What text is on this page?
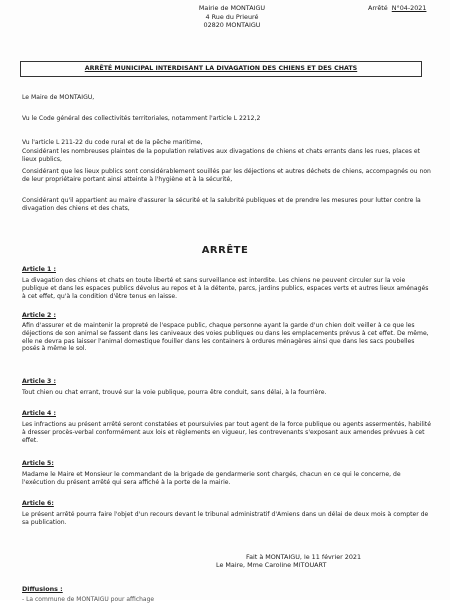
Mairie de MONTAIGU
4 Rue du Prieuré
02820 MONTAIGU
Arrêté N°04-2021
ARRÊTÉ MUNICIPAL INTERDISANT LA DIVAGATION DES CHIENS ET DES CHATS
Le Maire de MONTAIGU,
Vu le Code général des collectivités territoriales, notamment l'article L 2212,2
Vu l'article L 211-22 du code rural et de la pêche maritime,
Considérant les nombreuses plaintes de la population relatives aux divagations de chiens et chats errants dans les rues, places et lieux publics,
Considérant que les lieux publics sont considérablement souillés par les déjections et autres déchets de chiens, accompagnés ou non de leur propriétaire portant ainsi atteinte à l'hygiène et à la sécurité,
Considérant qu'il appartient au maire d'assurer la sécurité et la salubrité publiques et de prendre les mesures pour lutter contre la divagation des chiens et des chats,
ARRÊTE
Article 1 :
La divagation des chiens et chats en toute liberté et sans surveillance est interdite. Les chiens ne peuvent circuler sur la voie publique et dans les espaces publics dévolus au repos et à la détente, parcs, jardins publics, espaces verts et autres lieux aménagés à cet effet, qu'à la condition d'être tenus en laisse.
Article 2 :
Afin d'assurer et de maintenir la propreté de l'espace public, chaque personne ayant la garde d'un chien doit veiller à ce que les déjections de son animal se fassent dans les caniveaux des voies publiques ou dans les emplacements prévus à cet effet. De même, elle ne devra pas laisser l'animal domestique fouiller dans les containers à ordures ménagères ainsi que dans les sacs poubelles posés à même le sol.
Article 3 :
Tout chien ou chat errant, trouvé sur la voie publique, pourra être conduit, sans délai, à la fourrière.
Article 4 :
Les infractions au présent arrêté seront constatées et poursuivies par tout agent de la force publique ou agents assermentés, habilité à dresser procès-verbal conformément aux lois et règlements en vigueur, les contrevenants s'exposant aux amendes prévues à cet effet.
Article 5:
Madame le Maire et Monsieur le commandant de la brigade de gendarmerie sont chargés, chacun en ce qui le concerne, de l'exécution du présent arrêté qui sera affiché à la porte de la mairie.
Article 6:
Le présent arrêté pourra faire l'objet d'un recours devant le tribunal administratif d'Amiens dans un délai de deux mois à compter de sa publication.
Fait à MONTAIGU, le 11 février 2021
Le Maire, Mme Caroline MITOUART
Diffusions :
- La commune de MONTAIGU pour affichage
